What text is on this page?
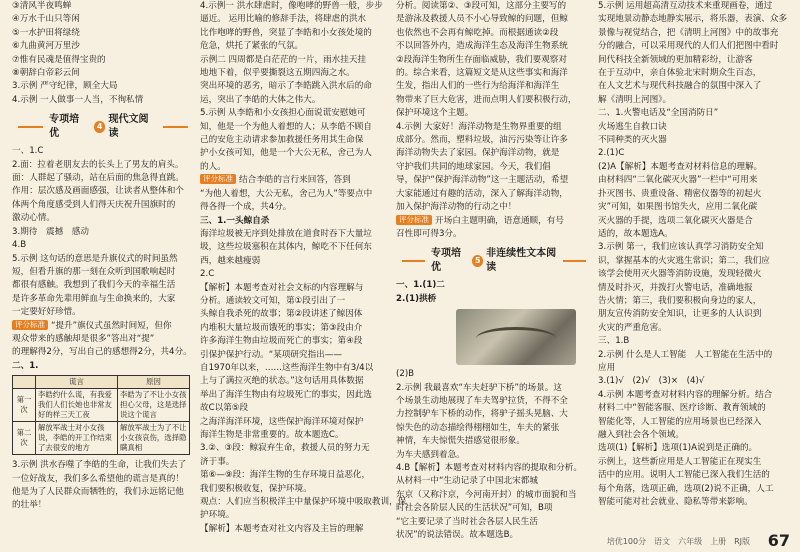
③清风半夜鸣蝉
④万水千山只等闲
⑤一水护田将绿绕
⑥九曲黄河万里沙
⑦惟有民魂是值得宝贵的
⑧朝辞白帝彩云间
3.示例 严守纪律，顾全大局
4.示例 一人做事一人当，不徇私情
专项培优
4
现代文阅读
一、1.C
2.面：拉着老朋友去的长头上了男友的肩头。
面：人群起了骚动，站在后面的焦急得直跳。
作用：层次感及画面感强，让读者从整体和个
体两个角度感受到人们得天庆祝升国旗时的
激动心情。
3.期待　震撼　感动
4.B
5.示例 这句话的意思是升旗仪式的时间虽然
短，但看升旗的那一刻在众听到国歌响起时
都很有感触。我想到了我们今天的幸福生活
是许多革命先辈用鲜血与生命换来的，大家
一定要好好珍惜。
评分标准 “提升”旗仪式虽然时间短，但你
观众带来的感触却是很多”答出对“提”
的理解得2分，写出自己的感想得2分，共4分。
二、1.
	谎言	原因
第一次	李皓约什么谎，有我爱我们人们长她也非常友好的样三天工夜	李皓为了不让小女孩担心父母，这是选择说这个谎言
第二次	解放军战士对小女孩说，李皓的开工作结束了去很安的地方	解放军战士为了不让小女孩哀伤，选择隐瞒真相
3.示例 洪水吞噬了李皓的生命，让我们失去了
一位好战友，我们多么希望他的谎言是真的！
他是为了人民群众而牺牲的，我们永远铭记他
的壮举！
4.示例一 洪水肆虐时，像咆哮的野兽一般，步步
逼近。 运用比喻的修辞手法，将肆虐的洪水
比作咆哮的野兽，突显了李皓和小女孩处境的
危急，烘托了紧张的气氛。
示例二 四周都是白茫茫的一片，雨水挂天挂
地地下着，似乎要撕裂这五期四海之水。
突出环境的恶劣，暗示了李皓跳入洪水后的命
运，突出了李皓的大体之伟大。
5.示例 从李皓和小女孩担心面说谎安慰她可
知，他是一个为他人着想的人；从李皓不顾自
己的安危主动请求参加救援任务用其生命保
护小女孩可知，他是一个大公无私，舍己为人
的人。
评分标准 结合李皓的言行来回答，答到
“为他人着想，大公无私，舍己为人”等要点中
得各得一个成，共4分。
三、1.一头鲸自杀
海洋垃圾被无序到处排放在道食时吞下大量垃
圾，这些垃圾塞积在其体内，鲸吃不下任何东
西，越来越瘦弱
2.C
【解析】本题考查对社会文标的内容理解与
分析。通读较文可知，第①段引出了一
头鲸自我杀死的故事；第②段讲述了鲸因体
内堆积大量垃圾而饿死的事实；第③段由介
许多海洋生物由垃圾而死亡的事实；第④段
引保护保护行动。“某项研究指出——
自1970年以来，……这些海洋生物中有3/4以
上与了满拉灭绝的状态。”这句话用具体数据
举出了海洋生物由有垃圾死亡的事实，因此选
故C以第⑤段
之海洋海洋环境，这些保护海洋环境对保护
海洋生物是非常重要的。故本题选C。
3.②、③段：鲸寂弃生命，救援人员的努力无
济于事。
第⑥—⑨段：海洋生物的生存环境日益恶化，
我们要积极收复，保护环境。
观点：人们应当积极洋主中量保护环境中吸取教训，保
护环境。
【解析】本题考查对社文内容及主旨的理解
分析。阅读第②、③段可知，这部分主要写的
是游泳及救援人员不小心导致鲸的问题，但鲸
也依然也不会再有鲸吃掉。而根据通读②段
不以回答外内，造成海洋生态及海洋生物系统
②段海洋生物所生存面临威胁，我们要观察对
的。综合来看，这篇短文是从这些事实和海洋
生发，指出人们的一些行为给海洋和海洋生
物带来了巨大危害，进而点明人们要积极行动，
保护环境这个主题。
4.示例 大家好！海洋动物是生物界重要的组
成部分。然而，塑料垃圾，油污污染等让许多
海洋动物失去了家园。保护海洋动物，就是
守护我们共同的地球家园。今天，我们倡
导，保护“保护海洋动物”这一主题活动，希望
大家能通过有趣的活动，深入了解海洋动物，
加入保护海洋动物的行动之中！
评分标准 开场白主题明确，语意通顺，有号
召性即可得3分。
专项培优
5
非连续性文本阅读
一、1.(1)二
2.(1)拱桥
(2)B
2.示例 我最喜欢“车夫赶驴下桥”的场景。这
个场景生动地展现了车夫驾驴拉货，不得不全
力控制驴车下桥的动作，将驴子摇头晃脑、大
惊失色的动态描绘得栩栩如生，车夫的紧张
神情，车夫惊慌失措感觉很形象。
为车夫感到着急。
4.B【解析】本题考查对材料内容的提取和分析。
从材料一中“生动记录了中国北宋都城
东京（又称汴京，今河南开封）的城市面貌和当
时社会各阶层人民的生活状况”可知，B项
“它主要记录了当时社会各层人民生活
状况”的说法错误。故本题选B。
5.示例 运用超高清互动技术来重现画卷，通过
实现地景动静态地静实展示，将乐器，表演、众多
景像与视觉结合，把《清明上河图》中的故事充
分的融合，可以采用现代的人们人们把图中看时
间代科技全新领域的更加精彩纷，让游客
在于互动中，亲自体验北宋时期众生百态，
在人文艺术与现代科技融合的氛围中深入了
解《清明上河图》。
二、1.火警电话及“全国消防日”
火场逃生自救口诀
不同种类的灭火器
2.(1)C
(2)A【解析】本题考查对材料信息的理解。
由材料四“二氧化碳灭火器”一栏中“可用来
扑灭图书、贵重设备、精密仪器等的初起火
灾”可知，如果图书馆失火，应用二氧化碳
灭火器的手提，选项二氧化碳灭火器是合
适的，故本题选A。
3.示例 第一，我们应该认真学习消防安全知
识，掌握基本的火灾逃生常识；第二，我们应
该学会使用灭火器等消防设施，发现轻微火
情及时扑灭，并拨打火警电话，准确地报
告火情；第三，我们要积极向身边的家人，
朋友宣传消防安全知识，让更多的人认识到
火灾的严重危害。
三、1.B
2.示例 什么是人工智能　人工智能在生活中的
应用
3.(1)√　(2)√　(3)×　(4)√
4.示例 本题考查对材料内容的理解分析。结合
材料二中“智能客服、医疗诊断、教育领域的
智能化等，人工智能的应用场景也已经深入
融入到社会各个领域。
选项(1)【解析】选项(1)A说到是正确的。
示例上，这些新应用是人工智能正在现实生
活中的应用。说明人工智能已深入我们生活的
每个角落，选项正确，选项(2)说不正确，人工
智能可能对社会就业、隐私等带来影响。
培优100分　语文　六年级　上册　RJ版 67
